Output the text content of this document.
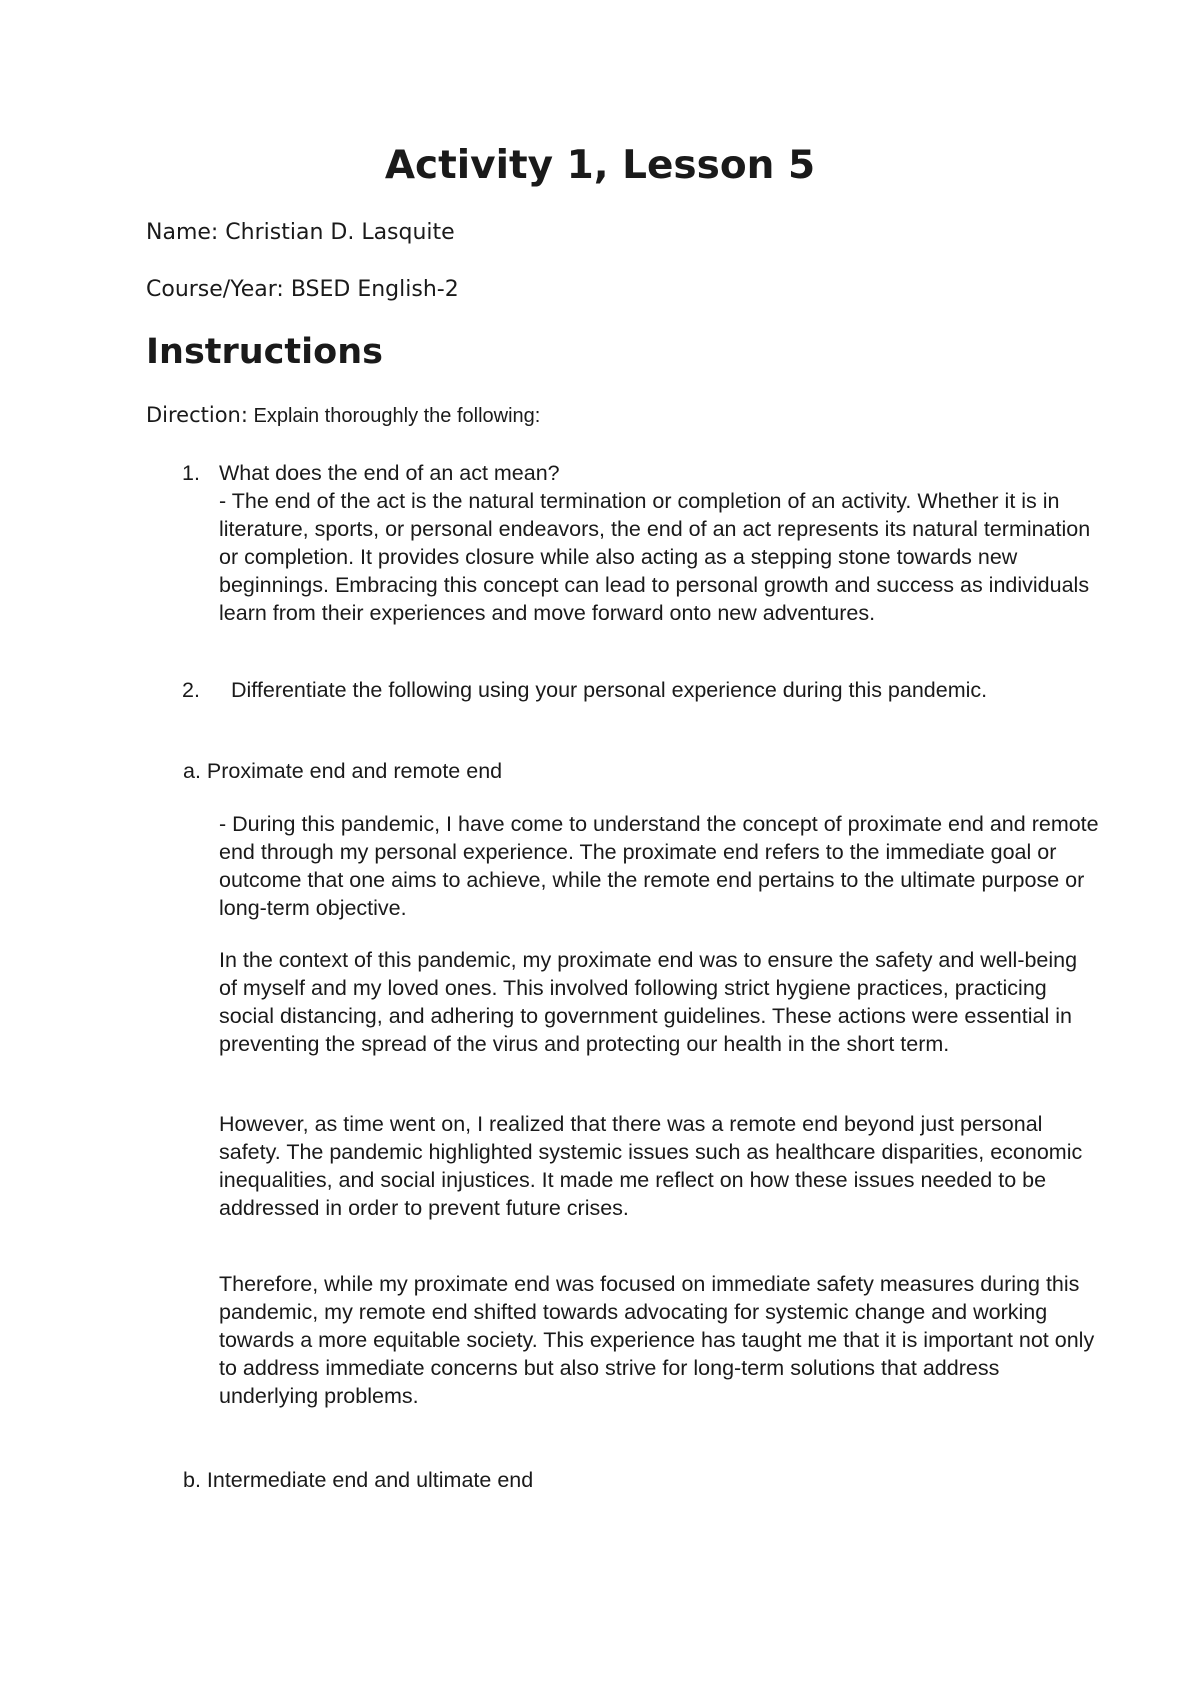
Activity 1, Lesson 5

Name: Christian D. Lasquite

Course/Year: BSED English-2

Instructions

Direction: Explain thoroughly the following:

1. What does the end of an act mean?

- The end of the act is the natural termination or completion of an activity. Whether it is in literature, sports, or personal endeavors, the end of an act represents its natural termination or completion. It provides closure while also acting as a stepping stone towards new beginnings. Embracing this concept can lead to personal growth and success as individuals learn from their experiences and move forward onto new adventures.

2.	Differentiate the following using your personal experience during this pandemic.

a. Proximate end and remote end

- During this pandemic, I have come to understand the concept of proximate end and remote end through my personal experience. The proximate end refers to the immediate goal or outcome that one aims to achieve, while the remote end pertains to the ultimate purpose or long-term objective.

In the context of this pandemic, my proximate end was to ensure the safety and well-being of myself and my loved ones. This involved following strict hygiene practices, practicing social distancing, and adhering to government guidelines. These actions were essential in preventing the spread of the virus and protecting our health in the short term.

However, as time went on, I realized that there was a remote end beyond just personal safety. The pandemic highlighted systemic issues such as healthcare disparities, economic inequalities, and social injustices. It made me reflect on how these issues needed to be addressed in order to prevent future crises.

Therefore, while my proximate end was focused on immediate safety measures during this pandemic, my remote end shifted towards advocating for systemic change and working towards a more equitable society. This experience has taught me that it is important not only to address immediate concerns but also strive for long-term solutions that address underlying problems.

b. Intermediate end and ultimate end
